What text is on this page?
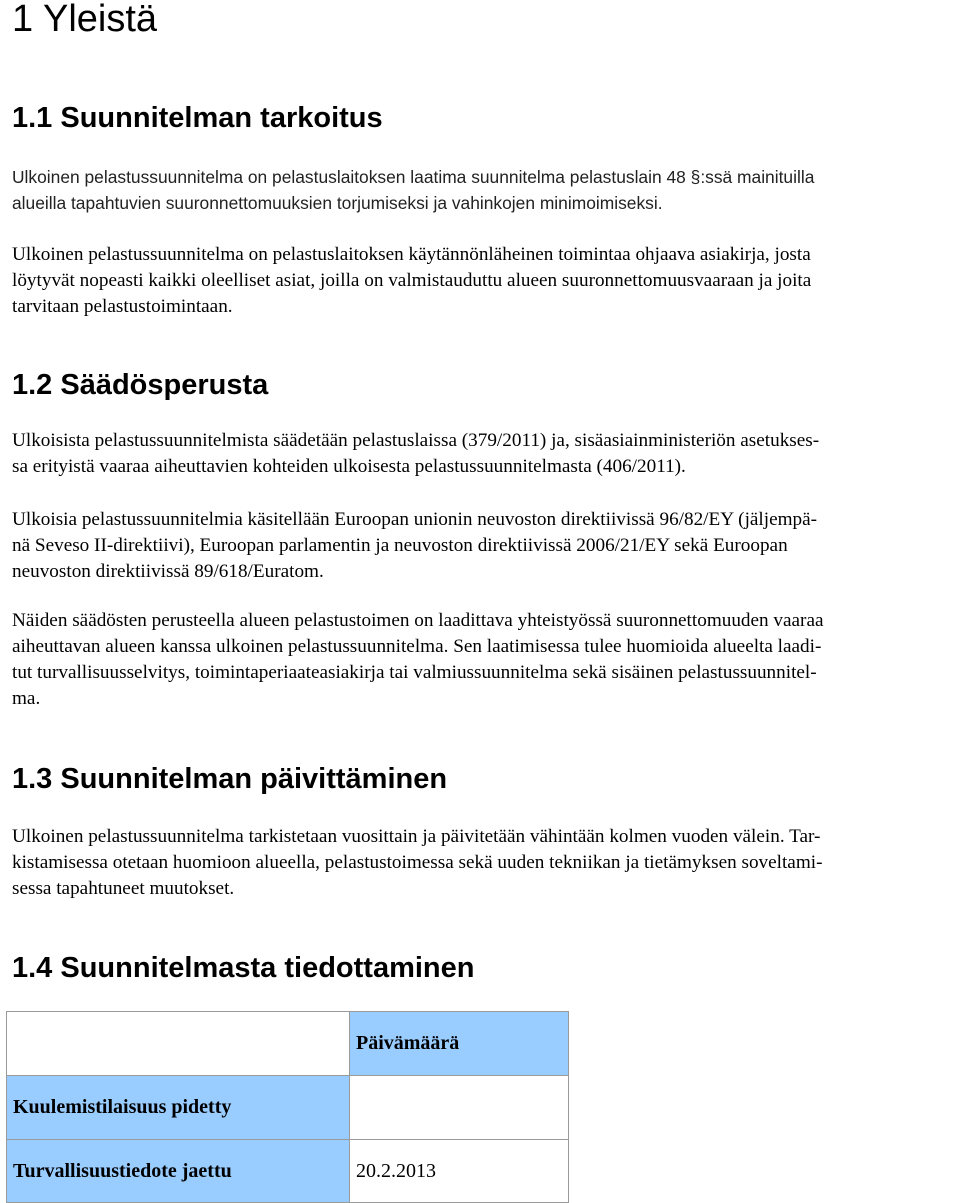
1 Yleistä
1.1 Suunnitelman tarkoitus

Ulkoinen pelastussuunnitelma on pelastuslaitoksen laatima suunnitelma pelastuslain 48 §:ssä mainituilla
alueilla tapahtuvien suuronnettomuuksien torjumiseksi ja vahinkojen minimoimiseksi.

Ulkoinen pelastussuunnitelma on pelastuslaitoksen käytännönläheinen toimintaa ohjaava asiakirja, josta
löytyvät nopeasti kaikki oleelliset asiat, joilla on valmistauduttu alueen suuronnettomuusvaaraan ja joita
tarvitaan pelastustoimintaan.

1.2 Säädösperusta

Ulkoisista pelastussuunnitelmista säädetään pelastuslaissa (379/2011) ja, sisäasiainministeriön asetukses-
sa erityistä vaaraa aiheuttavien kohteiden ulkoisesta pelastussuunnitelmasta (406/2011).

Ulkoisia pelastussuunnitelmia käsitellään Euroopan unionin neuvoston direktiivissä 96/82/EY (jäljempä-
nä Seveso II-direktiivi), Euroopan parlamentin ja neuvoston direktiivissä 2006/21/EY sekä Euroopan
neuvoston direktiivissä 89/618/Euratom.

Näiden säädösten perusteella alueen pelastustoimen on laadittava yhteistyössä suuronnettomuuden vaaraa
aiheuttavan alueen kanssa ulkoinen pelastussuunnitelma. Sen laatimisessa tulee huomioida alueelta laadi-
tut turvallisuusselvitys, toimintaperiaateasiakirja tai valmiussuunnitelma sekä sisäinen pelastussuunnitel-
ma.

1.3 Suunnitelman päivittäminen

Ulkoinen pelastussuunnitelma tarkistetaan vuosittain ja päivitetään vähintään kolmen vuoden välein. Tar-
kistamisessa otetaan huomioon alueella, pelastustoimessa sekä uuden tekniikan ja tietämyksen soveltami-
sessa tapahtuneet muutokset.

1.4 Suunnitelmasta tiedottaminen
	Päivämäärä
Kuulemistilaisuus pidetty	
Turvallisuustiedote jaettu	20.2.2013
